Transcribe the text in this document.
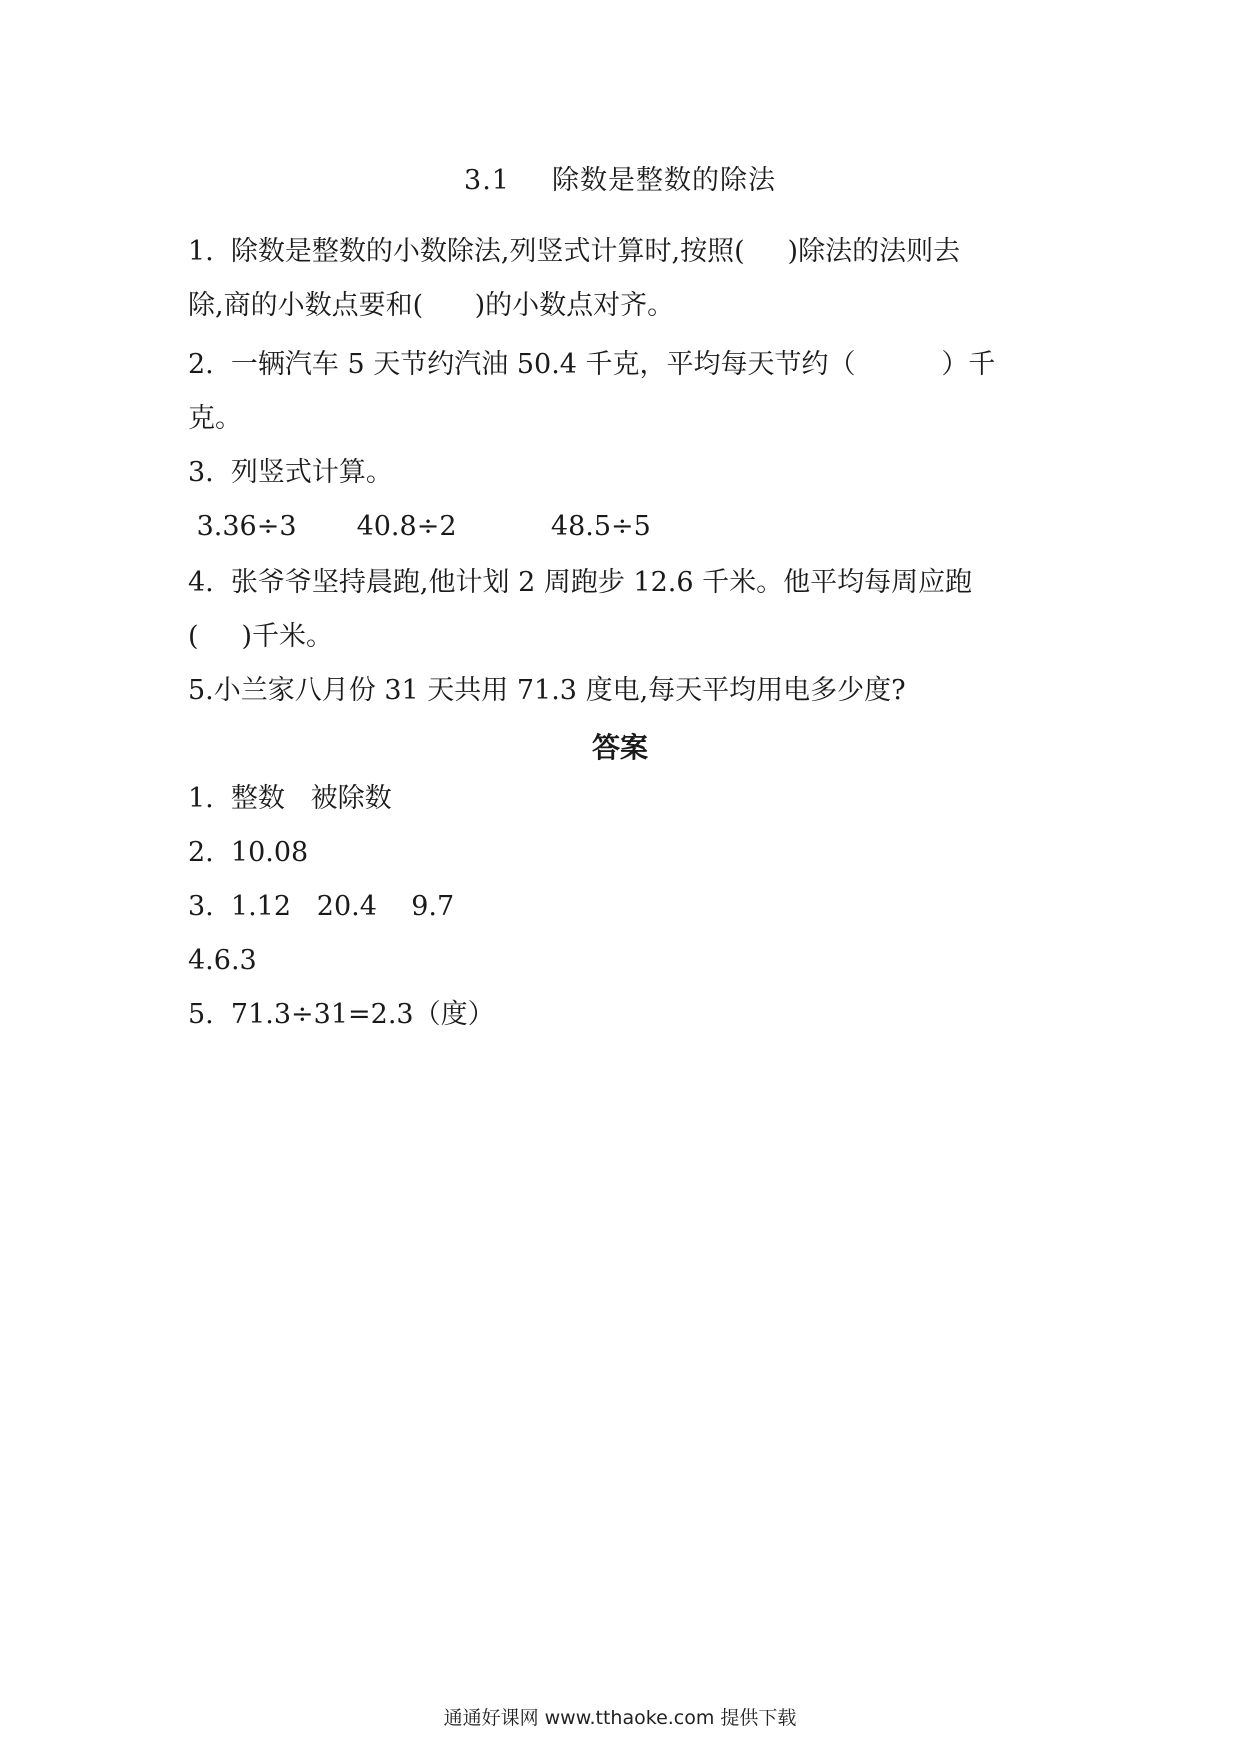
3.1 除数是整数的除法
1.  除数是整数的小数除法,列竖式计算时,按照(     )除法的法则去
除,商的小数点要和(      )的小数点对齐。
2.  一辆汽车 5 天节约汽油 50.4 千克，平均每天节约（          ）千
克。
3.  列竖式计算。
3.36÷3       40.8÷2           48.5÷5
4.  张爷爷坚持晨跑,他计划 2 周跑步 12.6 千米。他平均每周应跑
(     )千米。
5.小兰家八月份 31 天共用 71.3 度电,每天平均用电多少度?
答案
1.  整数   被除数
2.  10.08
3.  1.12   20.4    9.7
4.6.3
5.  71.3÷31=2.3（度）
通通好课网 www.tthaoke.com 提供下载
